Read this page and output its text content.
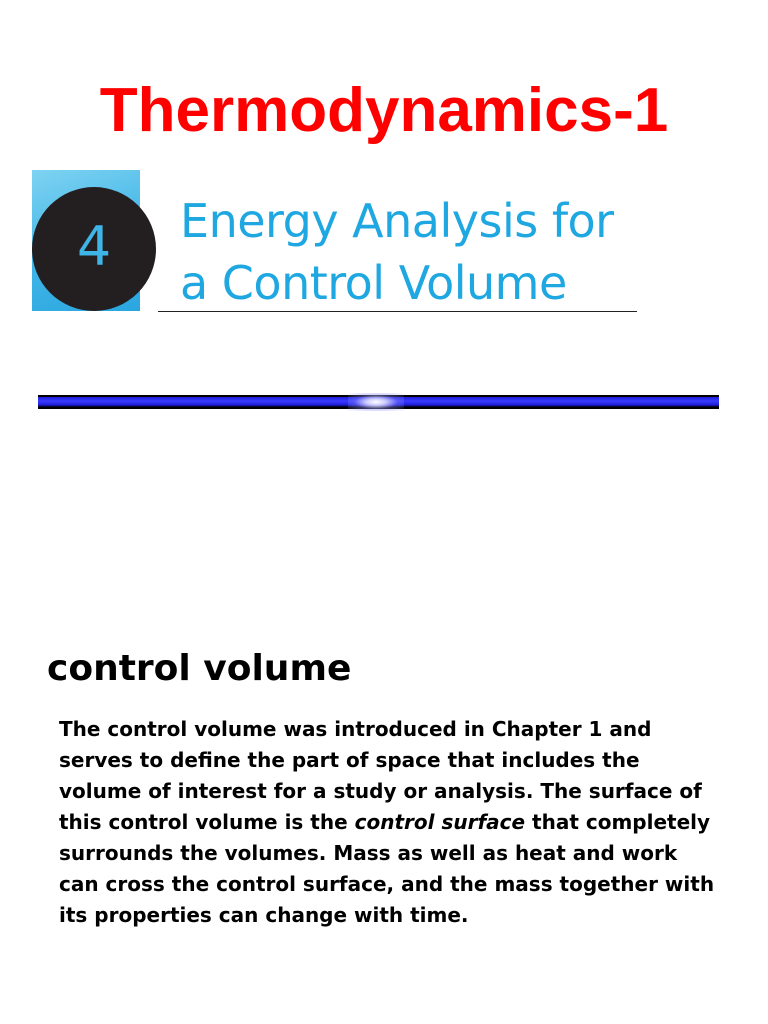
Thermodynamics-1
4 Energy Analysis for
a Control Volume
control volume

The control volume was introduced in Chapter 1 and serves to define the part of space that includes the volume of interest for a study or analysis. The surface of this control volume is the control surface that completely surrounds the volumes. Mass as well as heat and work can cross the control surface, and the mass together with its properties can change with time.
